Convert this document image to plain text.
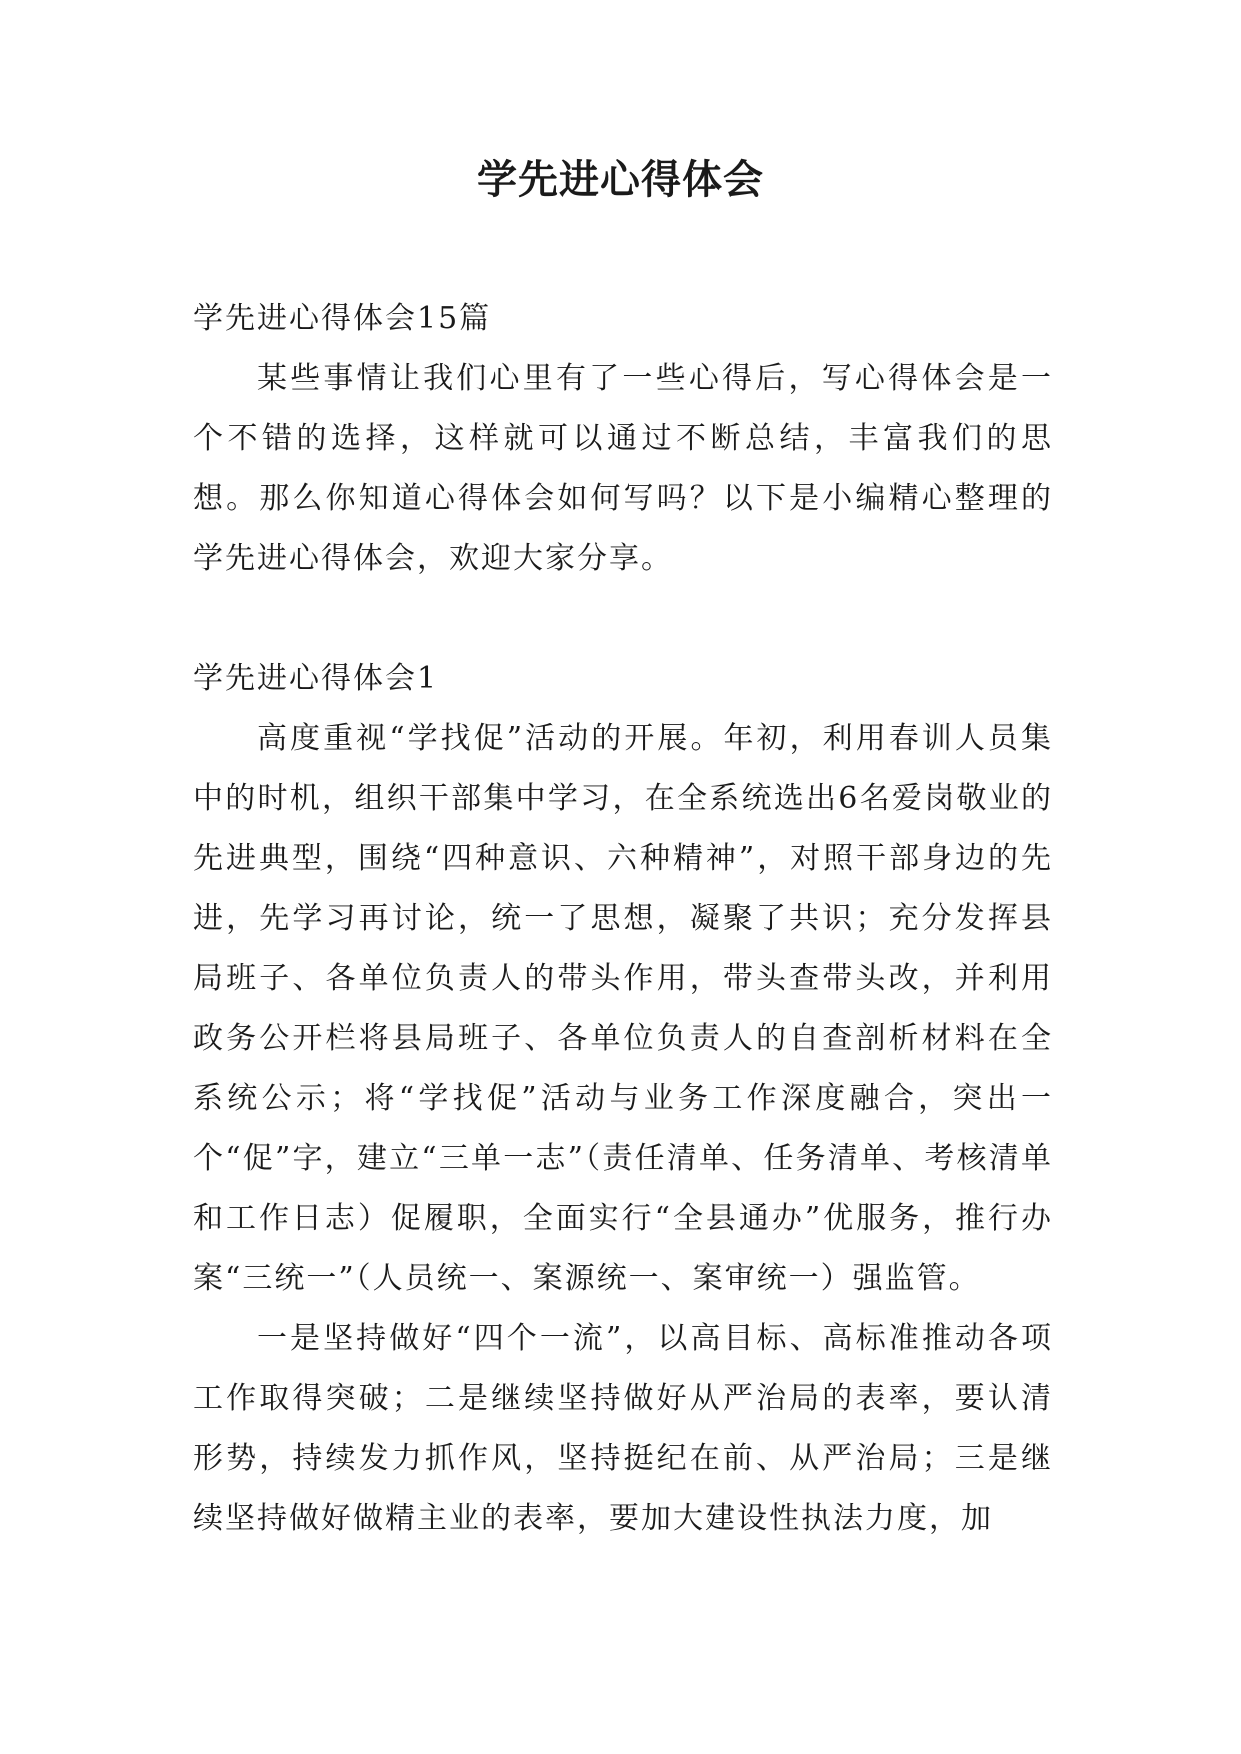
学先进心得体会

学先进心得体会15篇

某些事情让我们心里有了一些心得后，写心得体会是一个不错的选择，这样就可以通过不断总结，丰富我们的思想。那么你知道心得体会如何写吗？以下是小编精心整理的学先进心得体会，欢迎大家分享。

学先进心得体会1

高度重视“学找促”活动的开展。年初，利用春训人员集中的时机，组织干部集中学习，在全系统选出6名爱岗敬业的先进典型，围绕“四种意识、六种精神”，对照干部身边的先进，先学习再讨论，统一了思想，凝聚了共识；充分发挥县局班子、各单位负责人的带头作用，带头查带头改，并利用政务公开栏将县局班子、各单位负责人的自查剖析材料在全系统公示；将“学找促”活动与业务工作深度融合，突出一个“促”字，建立“三单一志”（责任清单、任务清单、考核清单和工作日志）促履职，全面实行“全县通办”优服务，推行办案“三统一”（人员统一、案源统一、案审统一）强监管。

一是坚持做好“四个一流”，以高目标、高标准推动各项工作取得突破；二是继续坚持做好从严治局的表率，要认清形势，持续发力抓作风，坚持挺纪在前、从严治局；三是继续坚持做好做精主业的表率，要加大建设性执法力度，加
